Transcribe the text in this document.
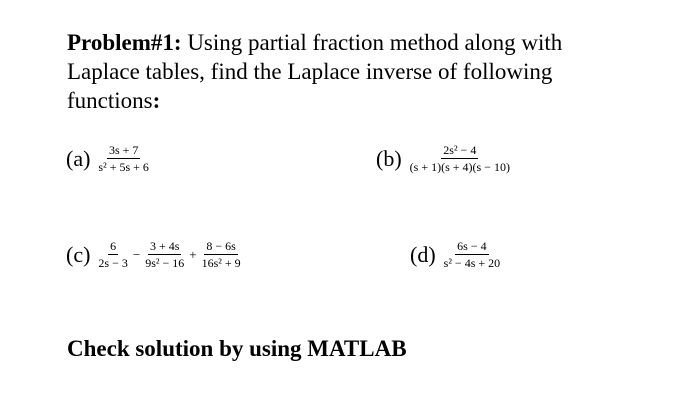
Problem#1: Using partial fraction method along with Laplace tables, find the Laplace inverse of following functions:
$(a) \frac{3s + 7}{\text{s² + 5s + 6}}$	$(b) \frac{\text{2s² − 4}}{(s + 1)(s + 4)(s - 10)}$
$(c) \frac{6}{2s - 3} - \frac{3 + 4s}{\text{9s² − 16}} + \frac{8 - 6s}{\text{16s² + 9}}$	$(d) \frac{6s - 4}{\text{s² − 4s + 20}}$
Check solution by using MATLAB
